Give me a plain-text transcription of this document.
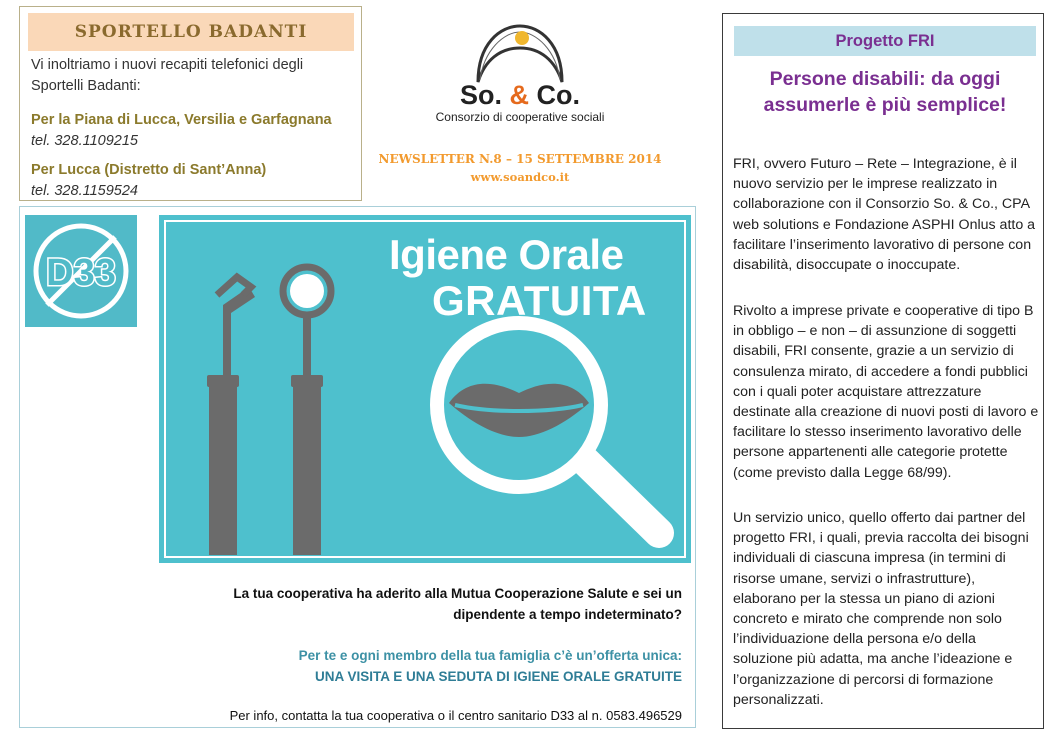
SPORTELLO BADANTI

Vi inoltriamo i nuovi recapiti telefonici degli Sportelli Badanti:

Per la Piana di Lucca, Versilia e Garfagnana
tel. 328.1109215
Per Lucca (Distretto di Sant’Anna)
tel. 328.1159524
So. & Co.
Consorzio di cooperative sociali
NEWSLETTER N.8 – 15 SETTEMBRE 2014
www.soandco.it
D33	Igiene Orale
GRATUITA

La tua cooperativa ha aderito alla Mutua Cooperazione Salute e sei un dipendente a tempo indeterminato?

Per te e ogni membro della tua famiglia c’è un’offerta unica:

UNA VISITA E UNA SEDUTA DI IGIENE ORALE GRATUITE

Per info, contatta la tua cooperativa o il centro sanitario D33 al n. 0583.496529

Progetto FRI
Persone disabili: da oggi assumerle è più semplice!

FRI, ovvero Futuro – Rete – Integrazione, è il nuovo servizio per le imprese realizzato in collaborazione con il Consorzio So. & Co., CPA web solutions e Fondazione ASPHI Onlus atto a facilitare l’inserimento lavorativo di persone con disabilità, disoccupate o inoccupate.

Rivolto a imprese private e cooperative di tipo B in obbligo – e non – di assunzione di soggetti disabili, FRI consente, grazie a un servizio di consulenza mirato, di accedere a fondi pubblici con i quali poter acquistare attrezzature destinate alla creazione di nuovi posti di lavoro e facilitare lo stesso inserimento lavorativo delle persone appartenenti alle categorie protette (come previsto dalla Legge 68/99).

Un servizio unico, quello offerto dai partner del progetto FRI, i quali, previa raccolta dei bisogni individuali di ciascuna impresa (in termini di risorse umane, servizi o infrastrutture), elaborano per la stessa un piano di azioni concreto e mirato che comprende non solo l’individuazione della persona e/o della soluzione più adatta, ma anche l’ideazione e l’organizzazione di percorsi di formazione personalizzati.
